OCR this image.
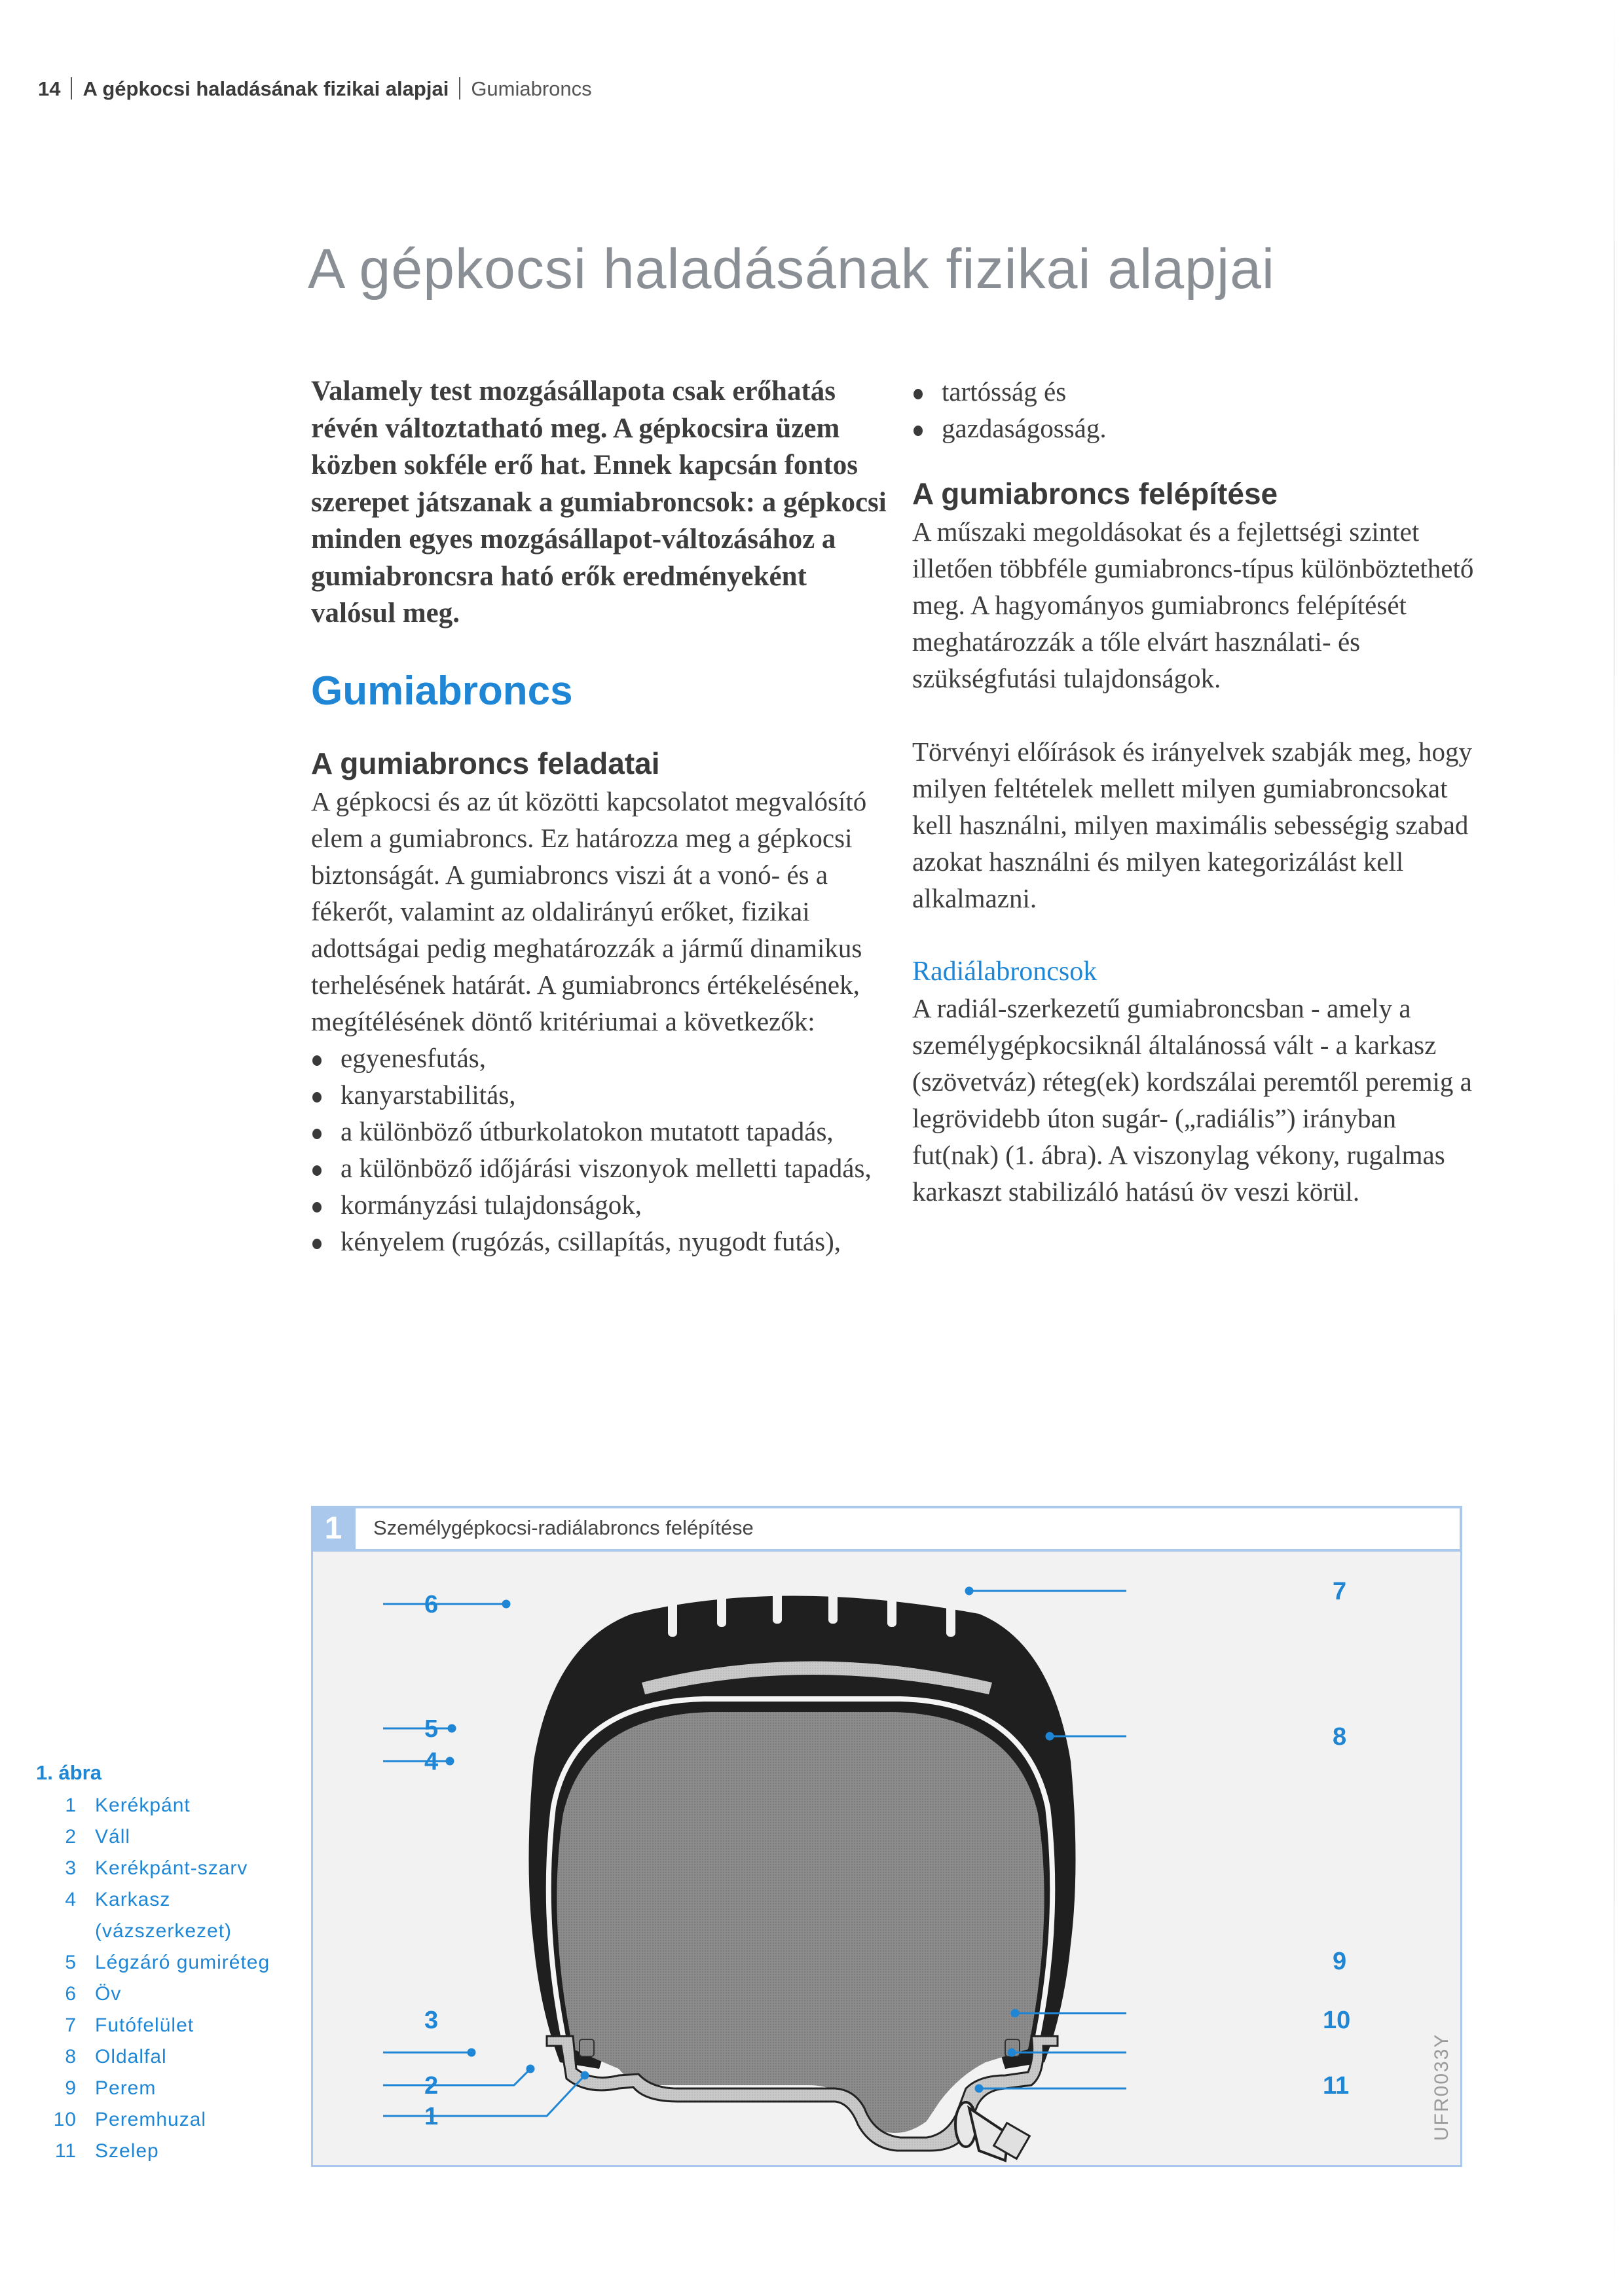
14 A gépkocsi haladásának fizikai alapjai Gumiabroncs
A gépkocsi haladásának fizikai alapjai

Valamely test mozgásállapota csak erőhatás révén változtatható meg. A gépkocsira üzem közben sokféle erő hat. Ennek kapcsán fontos szerepet játszanak a gumiabroncsok: a gépkocsi minden egyes mozgásállapot-változásához a gumiabroncsra ható erők eredményeként valósul meg.

Gumiabroncs
A gumiabroncs feladatai

A gépkocsi és az út közötti kapcsolatot megvalósító elem a gumiabroncs. Ez határozza meg a gépkocsi biztonságát. A gumiabroncs viszi át a vonó- és a fékerőt, valamint az oldalirányú erőket, fizikai adottságai pedig meghatározzák a jármű dinamikus terhelésének határát. A gumiabroncs értékelésének, megítélésének döntő kritériumai a következők:

egyenesfutás,
kanyarstabilitás,
a különböző útburkolatokon mutatott tapadás,
a különböző időjárási viszonyok melletti tapadás,
kormányzási tulajdonságok,
kényelem (rugózás, csillapítás, nyugodt futás),
tartósság és
gazdaságosság.
A gumiabroncs felépítése

A műszaki megoldásokat és a fejlettségi szintet illetően többféle gumiabroncs-típus különböztethető meg. A hagyományos gumiabroncs felépítését meghatározzák a tőle elvárt használati- és szükségfutási tulajdonságok.

Törvényi előírások és irányelvek szabják meg, hogy milyen feltételek mellett milyen gumiabroncsokat kell használni, milyen maximális sebességig szabad azokat használni és milyen kategorizálást kell alkalmazni.

Radiálabroncsok

A radiál-szerkezetű gumiabroncsban - amely a személygépkocsiknál általánossá vált - a karkasz (szövetváz) réteg(ek) kordszálai peremtől peremig a legrövidebb úton sugár- („radiális”) irányban fut(nak) (1. ábra). A viszonylag vékony, rugalmas karkaszt stabilizáló hatású öv veszi körül.

1	Személygépkocsi-radiálabroncs felépítése
6	7
5
4
8
9
3	10
2	11
1	UFR0033Y
1. ábra
1 Kerékpánt
2 Váll
3 Kerékpánt-szarv
4 Karkasz (vázszerkezet)
5 Légzáró gumiréteg
6 Öv
7 Futófelület
8 Oldalfal
9 Perem
10 Peremhuzal
11 Szelep
